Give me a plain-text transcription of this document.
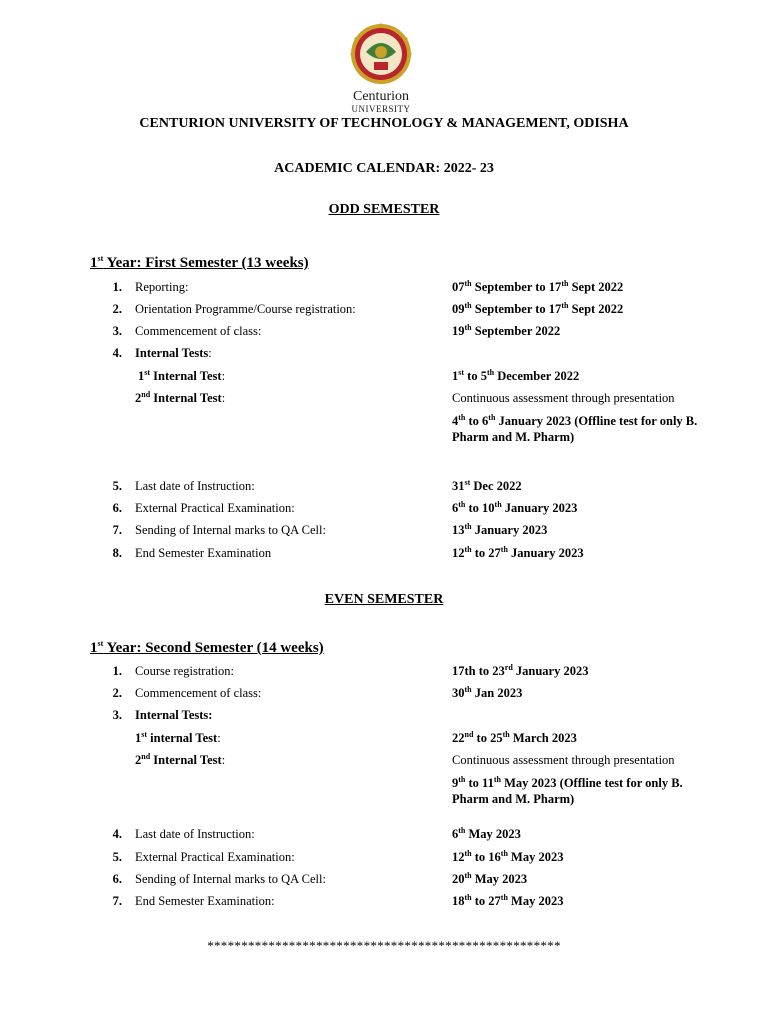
Centurion
UNIVERSITY
CENTURION UNIVERSITY OF TECHNOLOGY & MANAGEMENT, ODISHA
ACADEMIC CALENDAR: 2022- 23
ODD SEMESTER
1st Year: First Semester (13 weeks)
1. Reporting:	07th September to 17th Sept 2022
2. Orientation Programme/Course registration:	09th September to 17th Sept 2022
3. Commencement of class:	19th September 2022
4. Internal Tests:
1st Internal Test:	1st to 5th December 2022
2nd Internal Test:	Continuous assessment through presentation
4th to 6th January 2023 (Offline test for only B. Pharm and M. Pharm)
5. Last date of Instruction:	31st Dec 2022
6. External Practical Examination:	6th to 10th January 2023
7. Sending of Internal marks to QA Cell:	13th January 2023
8. End Semester Examination	12th to 27th January 2023
EVEN SEMESTER
1st Year: Second Semester (14 weeks)
1. Course registration:	17th to 23rd January 2023
2. Commencement of class:	30th Jan 2023
3. Internal Tests:
1st internal Test:	22nd to 25th March 2023
2nd Internal Test:	Continuous assessment through presentation
9th to 11th May 2023 (Offline test for only B. Pharm and M. Pharm)
4. Last date of Instruction:	6th May 2023
5. External Practical Examination:	12th to 16th May 2023
6. Sending of Internal marks to QA Cell:	20th May 2023
7. End Semester Examination:	18th to 27th May 2023
****************************************************
